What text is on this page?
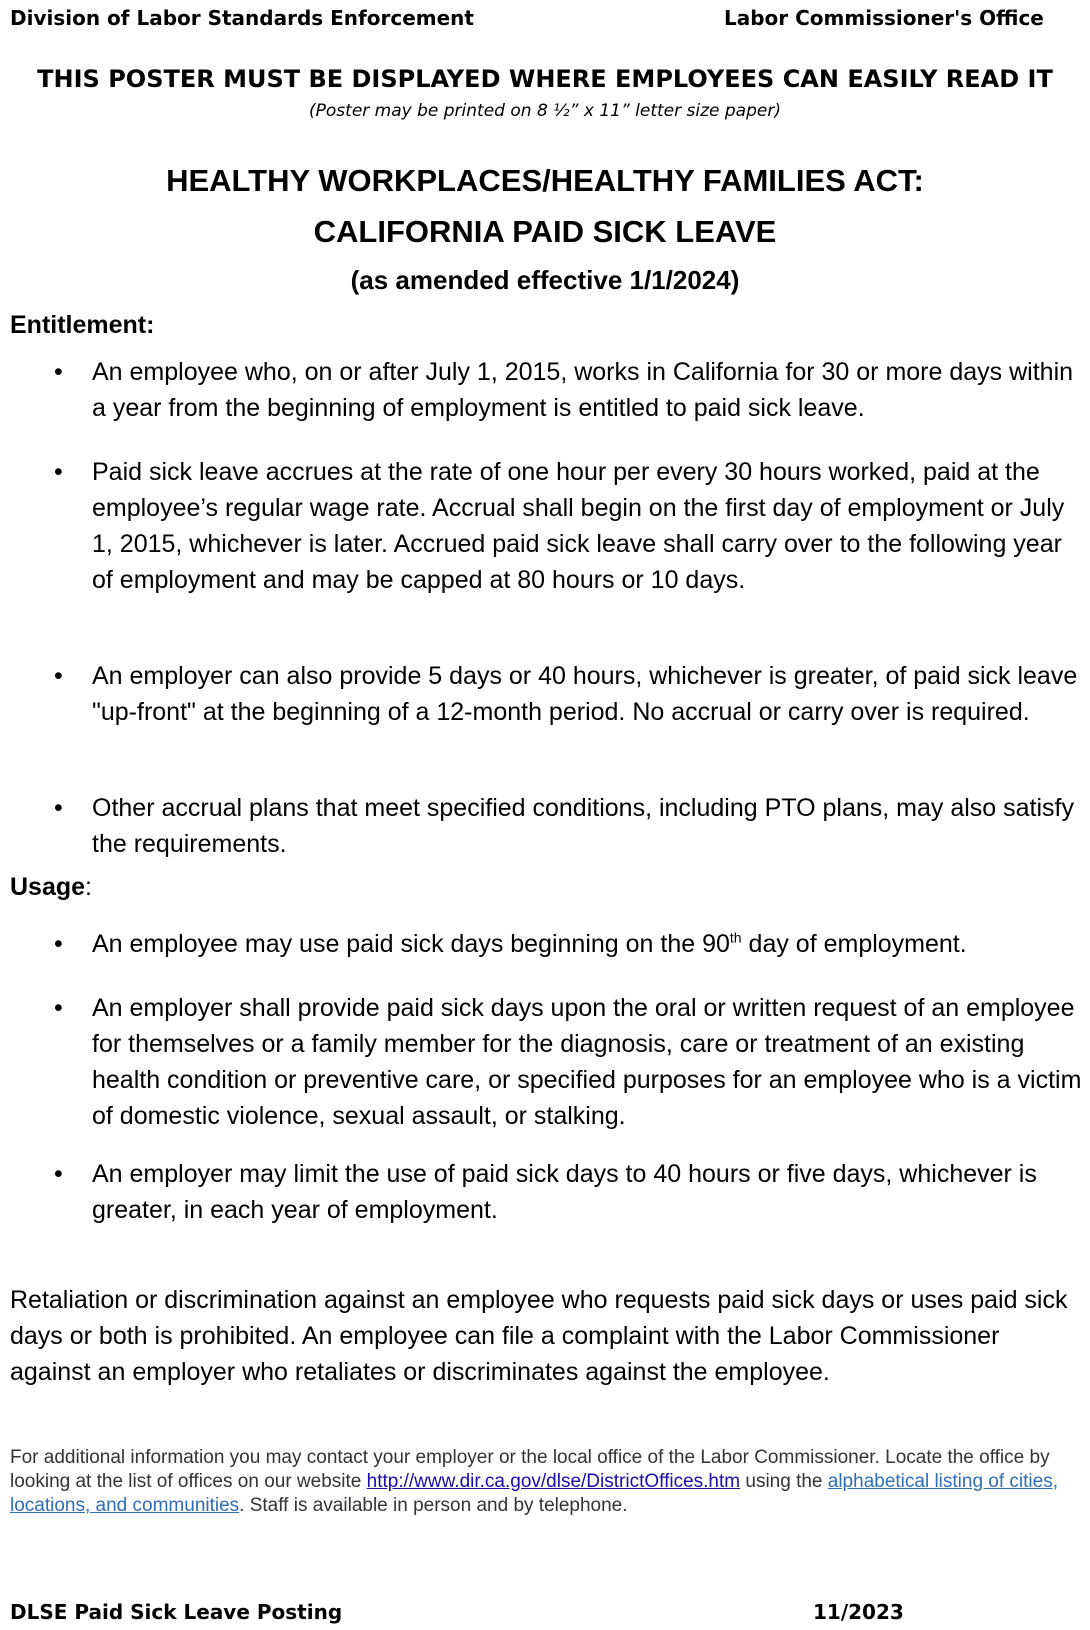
Division of Labor Standards Enforcement	Labor Commissioner's Office
THIS POSTER MUST BE DISPLAYED WHERE EMPLOYEES CAN EASILY READ IT
(Poster may be printed on 8 ½” x 11” letter size paper)
HEALTHY WORKPLACES/HEALTHY FAMILIES ACT:
CALIFORNIA PAID SICK LEAVE
(as amended effective 1/1/2024)
Entitlement:
• An employee who, on or after July 1, 2015, works in California for 30 or more days within a year from the beginning of employment is entitled to paid sick leave.
• Paid sick leave accrues at the rate of one hour per every 30 hours worked, paid at the employee’s regular wage rate. Accrual shall begin on the first day of employment or July 1, 2015, whichever is later. Accrued paid sick leave shall carry over to the following year of employment and may be capped at 80 hours or 10 days.
• An employer can also provide 5 days or 40 hours, whichever is greater, of paid sick leave "up-front" at the beginning of a 12-month period. No accrual or carry over is required.
• Other accrual plans that meet specified conditions, including PTO plans, may also satisfy the requirements.
Usage:
• An employee may use paid sick days beginning on the 90th day of employment.
• An employer shall provide paid sick days upon the oral or written request of an employee for themselves or a family member for the diagnosis, care or treatment of an existing health condition or preventive care, or specified purposes for an employee who is a victim of domestic violence, sexual assault, or stalking.
• An employer may limit the use of paid sick days to 40 hours or five days, whichever is greater, in each year of employment.
Retaliation or discrimination against an employee who requests paid sick days or uses paid sick days or both is prohibited. An employee can file a complaint with the Labor Commissioner against an employer who retaliates or discriminates against the employee.
For additional information you may contact your employer or the local office of the Labor Commissioner. Locate the office by looking at the list of offices on our website http://www.dir.ca.gov/dlse/DistrictOffices.htm using the alphabetical listing of cities, locations, and communities. Staff is available in person and by telephone.
DLSE Paid Sick Leave Posting	11/2023
